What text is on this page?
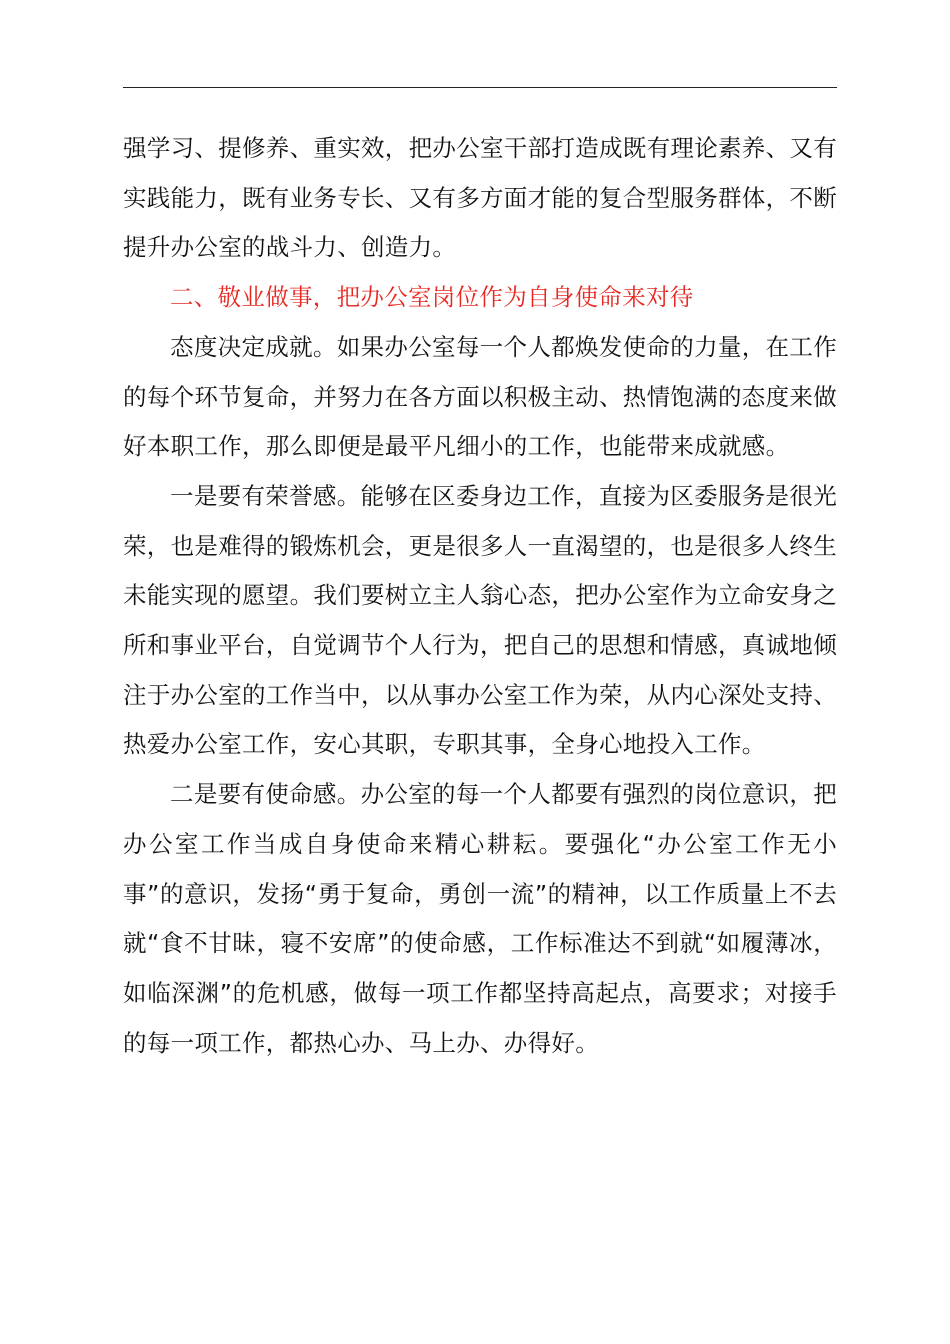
强学习、提修养、重实效，把办公室干部打造成既有理论素养、又有实践能力，既有业务专长、又有多方面才能的复合型服务群体，不断提升办公室的战斗力、创造力。

二、敬业做事，把办公室岗位作为自身使命来对待

态度决定成就。如果办公室每一个人都焕发使命的力量，在工作的每个环节复命，并努力在各方面以积极主动、热情饱满的态度来做好本职工作，那么即便是最平凡细小的工作，也能带来成就感。

一是要有荣誉感。能够在区委身边工作，直接为区委服务是很光荣，也是难得的锻炼机会，更是很多人一直渴望的，也是很多人终生未能实现的愿望。我们要树立主人翁心态，把办公室作为立命安身之所和事业平台，自觉调节个人行为，把自己的思想和情感，真诚地倾注于办公室的工作当中，以从事办公室工作为荣，从内心深处支持、热爱办公室工作，安心其职，专职其事，全身心地投入工作。

二是要有使命感。办公室的每一个人都要有强烈的岗位意识，把办公室工作当成自身使命来精心耕耘。要强化“办公室工作无小事”的意识，发扬“勇于复命，勇创一流”的精神，以工作质量上不去就“食不甘昧，寝不安席”的使命感，工作标准达不到就“如履薄冰，如临深渊”的危机感，做每一项工作都坚持高起点，高要求；对接手的每一项工作，都热心办、马上办、办得好。
